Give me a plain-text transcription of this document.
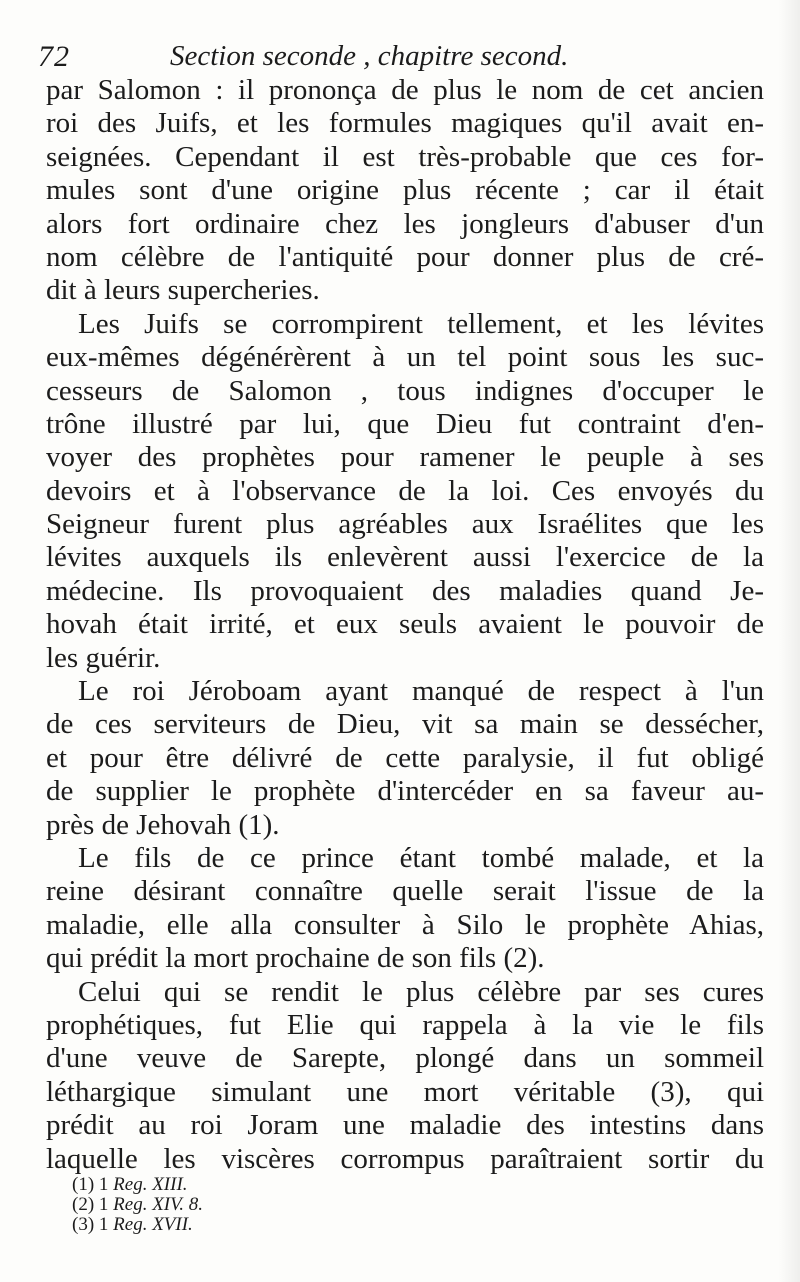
72	Section seconde , chapitre second.
par Salomon : il prononça de plus le nom de cet ancien
roi des Juifs, et les formules magiques qu'il avait en-
seignées. Cependant il est très-probable que ces for-
mules sont d'une origine plus récente ; car il était
alors fort ordinaire chez les jongleurs d'abuser d'un
nom célèbre de l'antiquité pour donner plus de cré-
dit à leurs supercheries.
Les Juifs se corrompirent tellement, et les lévites
eux-mêmes dégénérèrent à un tel point sous les suc-
cesseurs de Salomon , tous indignes d'occuper le
trône illustré par lui, que Dieu fut contraint d'en-
voyer des prophètes pour ramener le peuple à ses
devoirs et à l'observance de la loi. Ces envoyés du
Seigneur furent plus agréables aux Israélites que les
lévites auxquels ils enlevèrent aussi l'exercice de la
médecine. Ils provoquaient des maladies quand Je-
hovah était irrité, et eux seuls avaient le pouvoir de
les guérir.
Le roi Jéroboam ayant manqué de respect à l'un
de ces serviteurs de Dieu, vit sa main se dessécher,
et pour être délivré de cette paralysie, il fut obligé
de supplier le prophète d'intercéder en sa faveur au-
près de Jehovah (1).
Le fils de ce prince étant tombé malade, et la
reine désirant connaître quelle serait l'issue de la
maladie, elle alla consulter à Silo le prophète Ahias,
qui prédit la mort prochaine de son fils (2).
Celui qui se rendit le plus célèbre par ses cures
prophétiques, fut Elie qui rappela à la vie le fils
d'une veuve de Sarepte, plongé dans un sommeil
léthargique simulant une mort véritable (3), qui
prédit au roi Joram une maladie des intestins dans
laquelle les viscères corrompus paraîtraient sortir du
(1) 1 Reg. XIII.
(2) 1 Reg. XIV. 8.
(3) 1 Reg. XVII.
